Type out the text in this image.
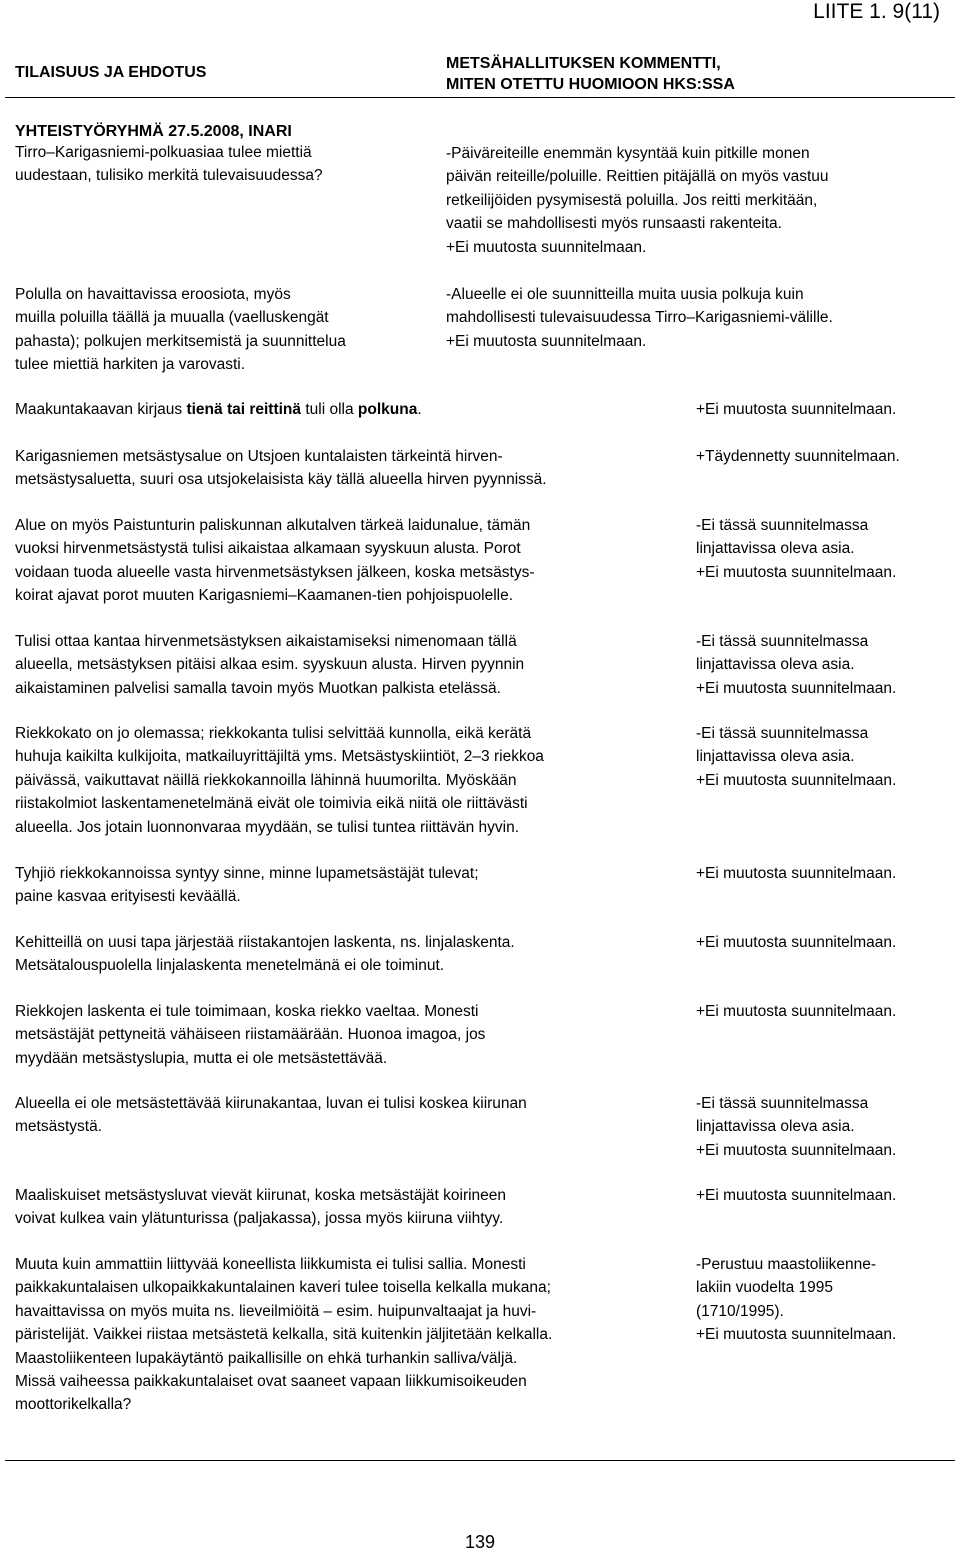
LIITE 1. 9(11)
TILAISUUS JA EHDOTUS
METSÄHALLITUKSEN KOMMENTTI,
MITEN OTETTU HUOMIOON HKS:SSA
YHTEISTYÖRYHMÄ 27.5.2008, INARI
Tirro–Karigasniemi-polkuasiaa tulee miettiä
uudestaan, tulisiko merkitä tulevaisuudessa?
Polulla on havaittavissa eroosiota, myös
muilla poluilla täällä ja muualla (vaelluskengät
pahasta); polkujen merkitsemistä ja suunnittelua
tulee miettiä harkiten ja varovasti.
-Päiväreiteille enemmän kysyntää kuin pitkille monen
päivän reiteille/poluille. Reittien pitäjällä on myös vastuu
retkeilijöiden pysymisestä poluilla. Jos reitti merkitään,
vaatii se mahdollisesti myös runsaasti rakenteita.
+Ei muutosta suunnitelmaan.
-Alueelle ei ole suunnitteilla muita uusia polkuja kuin
mahdollisesti tulevaisuudessa Tirro–Karigasniemi-välille.
+Ei muutosta suunnitelmaan.
Maakuntakaavan kirjaus tienä tai reittinä tuli olla polkuna.	+Ei muutosta suunnitelmaan.
Karigasniemen metsästysalue on Utsjoen kuntalaisten tärkeintä hirven-
metsästysaluetta, suuri osa utsjokelaisista käy tällä alueella hirven pyynnissä.
+Täydennetty suunnitelmaan.
Alue on myös Paistunturin paliskunnan alkutalven tärkeä laidunalue, tämän
vuoksi hirvenmetsästystä tulisi aikaistaa alkamaan syyskuun alusta. Porot
voidaan tuoda alueelle vasta hirvenmetsästyksen jälkeen, koska metsästys-
koirat ajavat porot muuten Karigasniemi–Kaamanen-tien pohjoispuolelle.
-Ei tässä suunnitelmassa
linjattavissa oleva asia.
+Ei muutosta suunnitelmaan.
Tulisi ottaa kantaa hirvenmetsästyksen aikaistamiseksi nimenomaan tällä
alueella, metsästyksen pitäisi alkaa esim. syyskuun alusta. Hirven pyynnin
aikaistaminen palvelisi samalla tavoin myös Muotkan palkista etelässä.
-Ei tässä suunnitelmassa
linjattavissa oleva asia.
+Ei muutosta suunnitelmaan.
Riekkokato on jo olemassa; riekkokanta tulisi selvittää kunnolla, eikä kerätä
huhuja kaikilta kulkijoita, matkailuyrittäjiltä yms. Metsästyskiintiöt, 2–3 riekkoa
päivässä, vaikuttavat näillä riekkokannoilla lähinnä huumorilta. Myöskään
riistakolmiot laskentamenetelmänä eivät ole toimivia eikä niitä ole riittävästi
alueella. Jos jotain luonnonvaraa myydään, se tulisi tuntea riittävän hyvin.
-Ei tässä suunnitelmassa
linjattavissa oleva asia.
+Ei muutosta suunnitelmaan.
Tyhjiö riekkokannoissa syntyy sinne, minne lupametsästäjät tulevat;
paine kasvaa erityisesti keväällä.
+Ei muutosta suunnitelmaan.
Kehitteillä on uusi tapa järjestää riistakantojen laskenta, ns. linjalaskenta.
Metsätalouspuolella linjalaskenta menetelmänä ei ole toiminut.
+Ei muutosta suunnitelmaan.
Riekkojen laskenta ei tule toimimaan, koska riekko vaeltaa. Monesti
metsästäjät pettyneitä vähäiseen riistamäärään. Huonoa imagoa, jos
myydään metsästyslupia, mutta ei ole metsästettävää.
+Ei muutosta suunnitelmaan.
Alueella ei ole metsästettävää kiirunakantaa, luvan ei tulisi koskea kiirunan
metsästystä.
-Ei tässä suunnitelmassa
linjattavissa oleva asia.
+Ei muutosta suunnitelmaan.
Maaliskuiset metsästysluvat vievät kiirunat, koska metsästäjät koirineen
voivat kulkea vain ylätunturissa (paljakassa), jossa myös kiiruna viihtyy.
+Ei muutosta suunnitelmaan.
Muuta kuin ammattiin liittyvää koneellista liikkumista ei tulisi sallia. Monesti
paikkakuntalaisen ulkopaikkakuntalainen kaveri tulee toisella kelkalla mukana;
havaittavissa on myös muita ns. lieveilmiöitä – esim. huipunvaltaajat ja huvi-
päristelijät. Vaikkei riistaa metsästetä kelkalla, sitä kuitenkin jäljitetään kelkalla.
Maastoliikenteen lupakäytäntö paikallisille on ehkä turhankin salliva/väljä.
Missä vaiheessa paikkakuntalaiset ovat saaneet vapaan liikkumisoikeuden
moottorikelkalla?
-Perustuu maastoliikenne-
lakiin vuodelta 1995
(1710/1995).
+Ei muutosta suunnitelmaan.
139
